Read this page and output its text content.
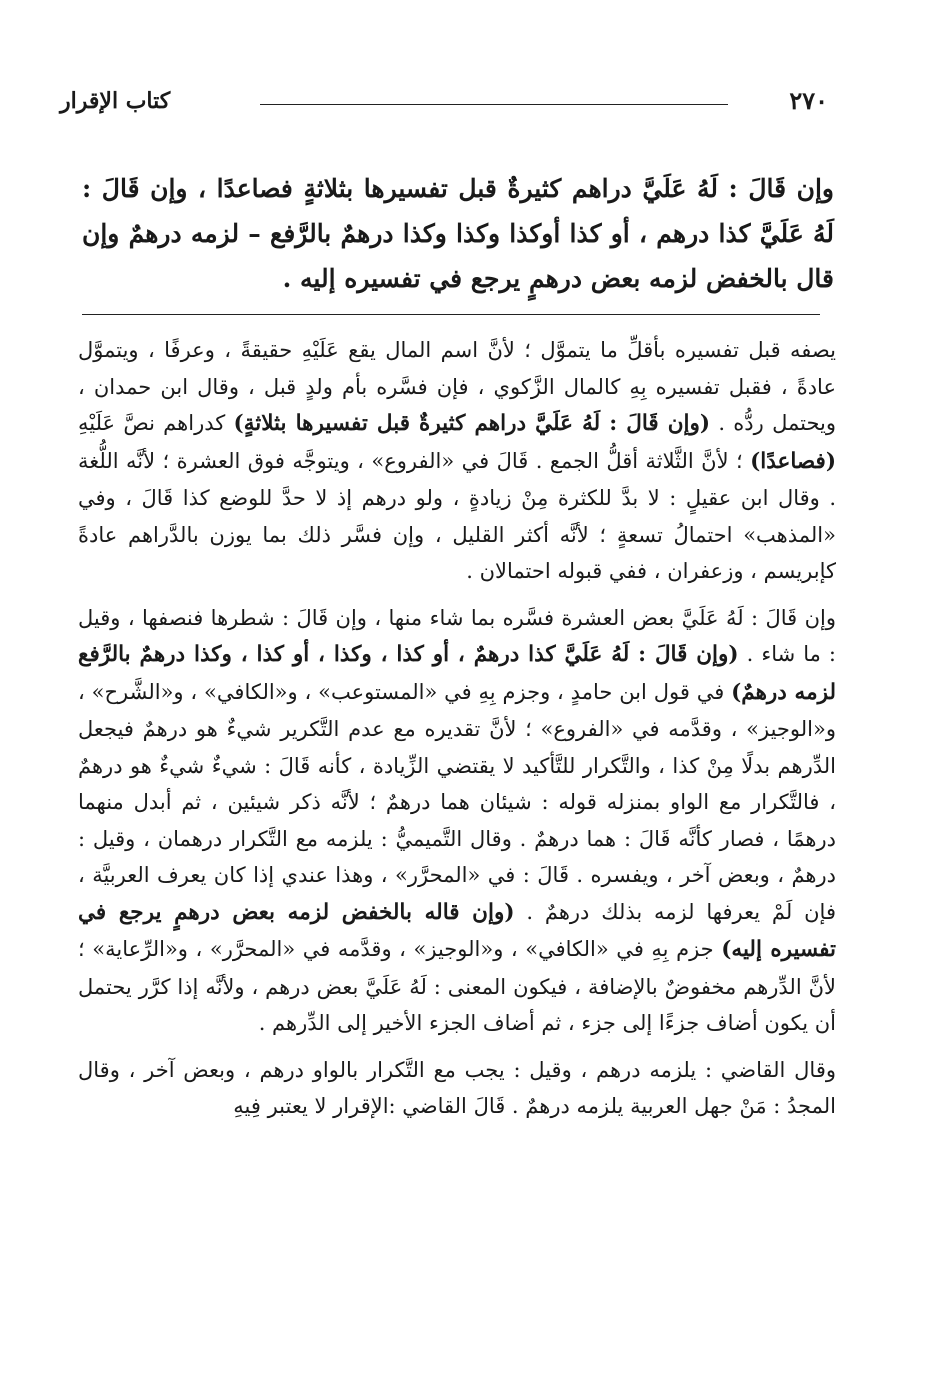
٢٧٠
كتاب الإقرار
وإن قَالَ : لَهُ عَلَيَّ دراهم كثيرةٌ قبل تفسيرها بثلاثةٍ فصاعدًا ، وإن قَالَ : لَهُ عَلَيَّ كذا درهم ، أو كذا أوكذا وكذا وكذا درهمٌ بالرَّفع – لزمه درهمٌ وإن قال بالخفض لزمه بعض درهمٍ يرجع في تفسيره إليه .

يصفه قبل تفسيره بأقلِّ ما يتموَّل ؛ لأنَّ اسم المال يقع عَلَيْهِ حقيقةً ، وعرفًا ، ويتموَّل عادةً ، فقبل تفسيره بِهِ كالمال الزَّكوي ، فإن فسَّره بأم ولدٍ قبل ، وقال ابن حمدان ، ويحتمل ردُّه . (وإن قَالَ : لَهُ عَلَيَّ دراهم كثيرةٌ قبل تفسيرها بثلاثةٍ) كدراهم نصَّ عَلَيْهِ (فصاعدًا) ؛ لأنَّ الثَّلاثة أقلُّ الجمع . قَالَ في «الفروع» ، ويتوجَّه فوق العشرة ؛ لأنَّه اللُّغة . وقال ابن عقيلٍ : لا بدَّ للكثرة مِنْ زيادةٍ ، ولو درهم إذ لا حدَّ للوضع كذا قَالَ ، وفي «المذهب» احتمالُ تسعةٍ ؛ لأنَّه أكثر القليل ، وإن فسَّر ذلك بما يوزن بالدَّراهم عادةً كإبريسم ، وزعفران ، ففي قبوله احتمالان .

وإن قَالَ : لَهُ عَلَيَّ بعض العشرة فسَّره بما شاء منها ، وإن قَالَ : شطرها فنصفها ، وقيل : ما شاء . (وإن قَالَ : لَهُ عَلَيَّ كذا درهمٌ ، أو كذا ، وكذا ، أو كذا ، وكذا درهمٌ بالرَّفع لزمه درهمٌ) في قول ابن حامدٍ ، وجزم بِهِ في «المستوعب» ، و«الكافي» ، و«الشَّرح» ، و«الوجيز» ، وقدَّمه في «الفروع» ؛ لأنَّ تقديره مع عدم التَّكرير شيءٌ هو درهمٌ فيجعل الدِّرهم بدلًا مِنْ كذا ، والتَّكرار للتَّأكيد لا يقتضي الزِّيادة ، كأنه قَالَ : شيءٌ شيءٌ هو درهمٌ ، فالتَّكرار مع الواو بمنزله قوله : شيئان هما درهمٌ ؛ لأنَّه ذكر شيئين ، ثم أبدل منهما درهمًا ، فصار كأنَّه قَالَ : هما درهمٌ . وقال التَّميميُّ : يلزمه مع التَّكرار درهمان ، وقيل : درهمٌ ، وبعض آخر ، ويفسره . قَالَ : في «المحرَّر» ، وهذا عندي إذا كان يعرف العربيَّة ، فإن لَمْ يعرفها لزمه بذلك درهمٌ . (وإن قاله بالخفض لزمه بعض درهمٍ يرجع في تفسيره إليه) جزم بِهِ في «الكافي» ، و«الوجيز» ، وقدَّمه في «المحرَّر» ، و«الرِّعاية» ؛ لأنَّ الدِّرهم مخفوضٌ بالإضافة ، فيكون المعنى : لَهُ عَلَيَّ بعض درهم ، ولأنَّه إذا كرَّر يحتمل أن يكون أضاف جزءًا إلى جزء ، ثم أضاف الجزء الأخير إلى الدِّرهم .

وقال القاضي : يلزمه درهم ، وقيل : يجب مع التَّكرار بالواو درهم ، وبعض آخر ، وقال المجدُ : مَنْ جهل العربية يلزمه درهمٌ . قَالَ القاضي :الإقرار لا يعتبر فِيهِ
